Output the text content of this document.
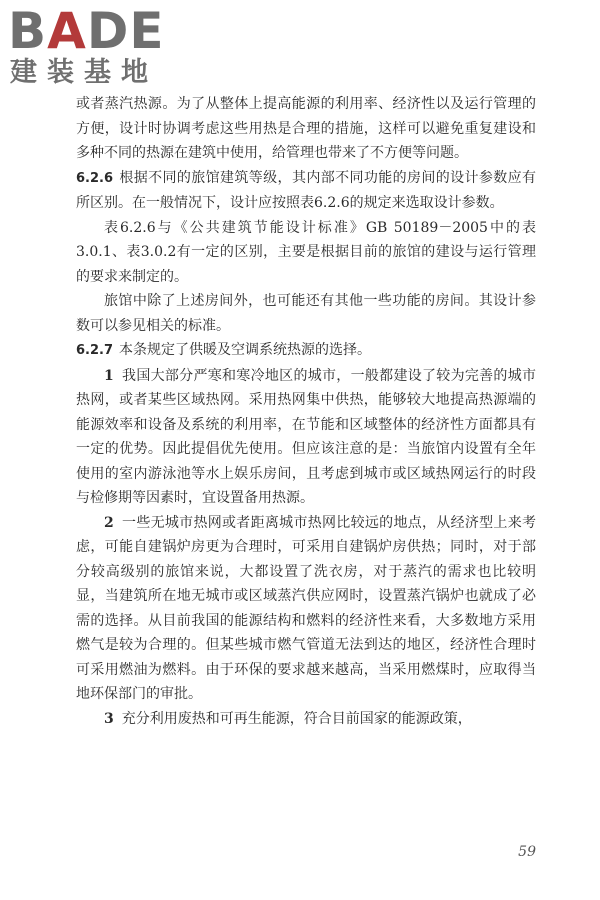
BADE
建装基地

或者蒸汽热源。为了从整体上提高能源的利用率、经济性以及运行管理的方便，设计时协调考虑这些用热是合理的措施，这样可以避免重复建设和多种不同的热源在建筑中使用，给管理也带来了不方便等问题。

6.2.6 根据不同的旅馆建筑等级，其内部不同功能的房间的设计参数应有所区别。在一般情况下，设计应按照表6.2.6的规定来选取设计参数。

表6.2.6与《公共建筑节能设计标准》GB 50189－2005中的表3.0.1、表3.0.2有一定的区别，主要是根据目前的旅馆的建设与运行管理的要求来制定的。

旅馆中除了上述房间外，也可能还有其他一些功能的房间。其设计参数可以参见相关的标准。

6.2.7 本条规定了供暖及空调系统热源的选择。

1 我国大部分严寒和寒冷地区的城市，一般都建设了较为完善的城市热网，或者某些区域热网。采用热网集中供热，能够较大地提高热源端的能源效率和设备及系统的利用率，在节能和区域整体的经济性方面都具有一定的优势。因此提倡优先使用。但应该注意的是：当旅馆内设置有全年使用的室内游泳池等水上娱乐房间，且考虑到城市或区域热网运行的时段与检修期等因素时，宜设置备用热源。

2 一些无城市热网或者距离城市热网比较远的地点，从经济型上来考虑，可能自建锅炉房更为合理时，可采用自建锅炉房供热；同时，对于部分较高级别的旅馆来说，大都设置了洗衣房，对于蒸汽的需求也比较明显，当建筑所在地无城市或区域蒸汽供应网时，设置蒸汽锅炉也就成了必需的选择。从目前我国的能源结构和燃料的经济性来看，大多数地方采用燃气是较为合理的。但某些城市燃气管道无法到达的地区，经济性合理时可采用燃油为燃料。由于环保的要求越来越高，当采用燃煤时，应取得当地环保部门的审批。

3 充分利用废热和可再生能源，符合目前国家的能源政策，

59
